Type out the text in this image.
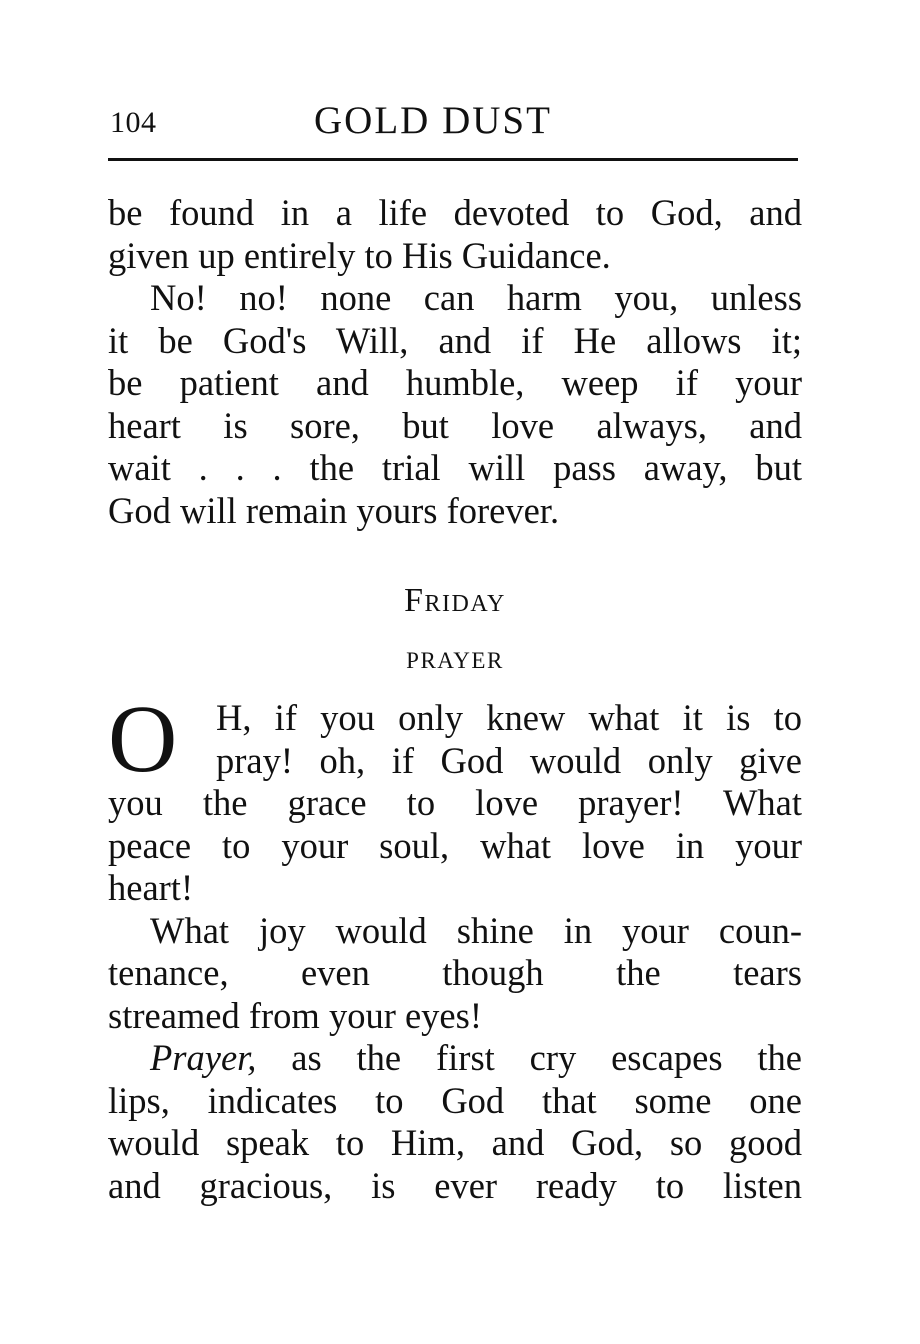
104	GOLD DUST
be found in a life devoted to God, and
given up entirely to His Guidance.
No! no! none can harm you, unless
it be God's Will, and if He allows it;
be patient and humble, weep if your
heart is sore, but love always, and
wait . . . the trial will pass away, but
God will remain yours forever.
Friday
PRAYER
O	H, if you only knew what it is to
pray! oh, if God would only give
you the grace to love prayer! What
peace to your soul, what love in your
heart!
What joy would shine in your coun-
tenance, even though the tears
streamed from your eyes!
Prayer, as the first cry escapes the
lips, indicates to God that some one
would speak to Him, and God, so good
and gracious, is ever ready to listen
